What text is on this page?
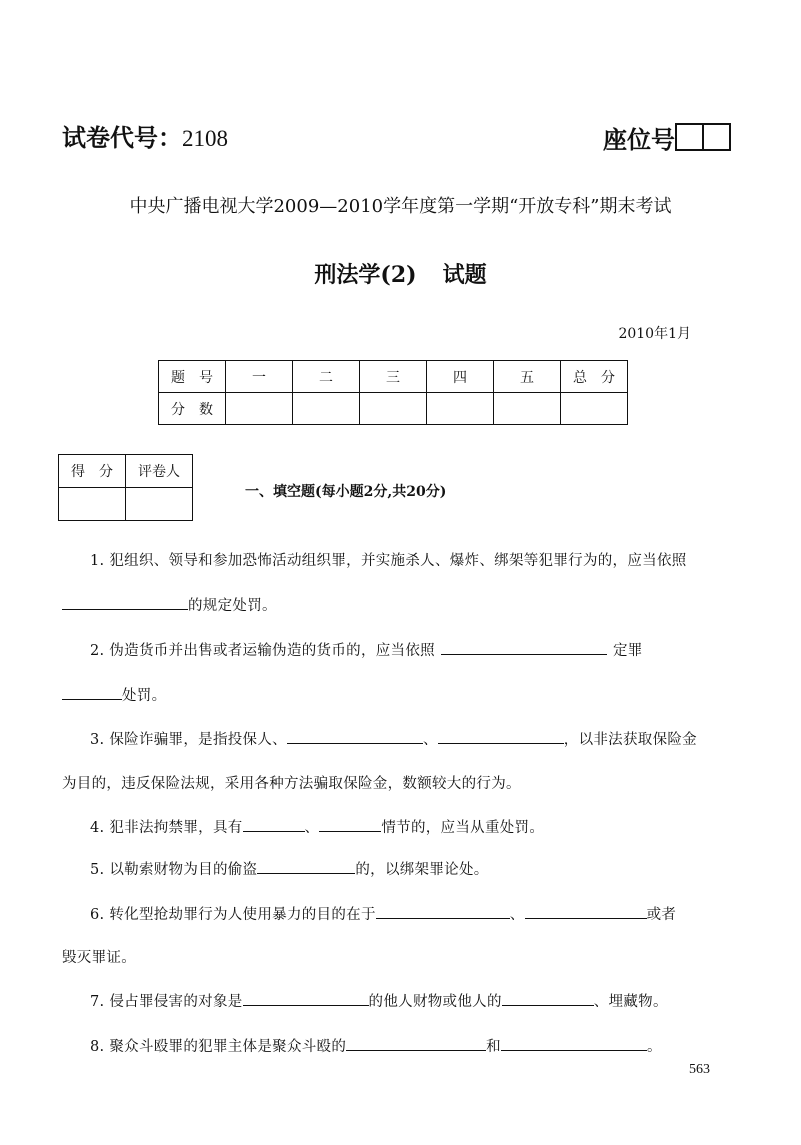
试卷代号：2108	座位号
中央广播电视大学2009—2010学年度第一学期“开放专科”期末考试
刑法学(2) 试题
2010年1月
题　号	一	二	三	四	五	总　分
分　数						
得　分	评卷人

一、填空题(每小题2分,共20分)
1. 犯组织、领导和参加恐怖活动组织罪，并实施杀人、爆炸、绑架等犯罪行为的，应当依照
的规定处罚。
2. 伪造货币并出售或者运输伪造的货币的，应当依照	定罪
处罚。
3. 保险诈骗罪，是指投保人、	、	，以非法获取保险金
为目的，违反保险法规，采用各种方法骗取保险金，数额较大的行为。
4. 犯非法拘禁罪，具有	、	情节的，应当从重处罚。
5. 以勒索财物为目的偷盗	的，以绑架罪论处。
6. 转化型抢劫罪行为人使用暴力的目的在于	、	或者
毁灭罪证。
7. 侵占罪侵害的对象是	的他人财物或他人的	、埋藏物。
8. 聚众斗殴罪的犯罪主体是聚众斗殴的	和	。
563
